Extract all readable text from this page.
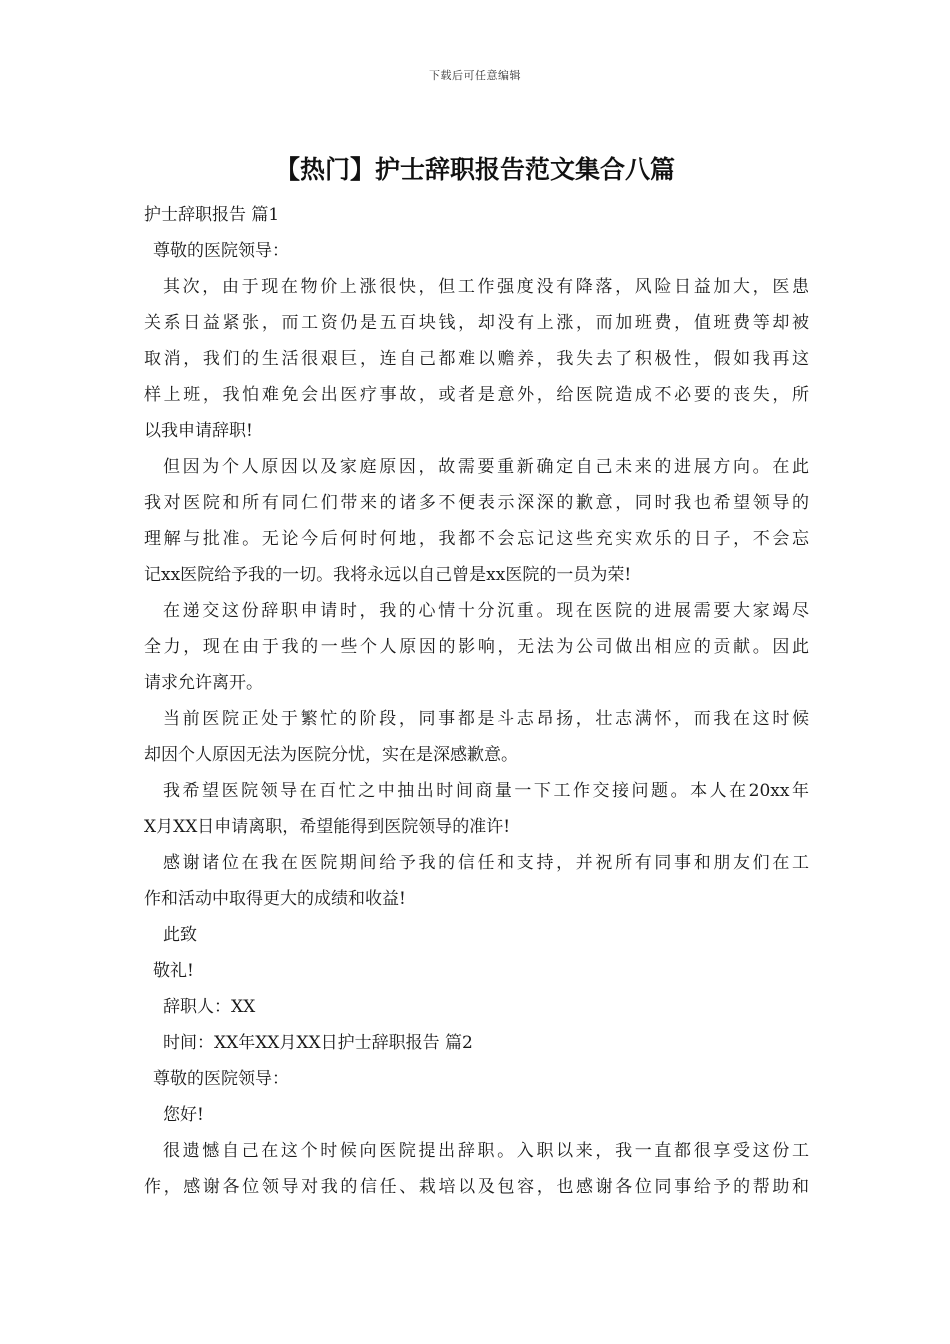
下载后可任意编辑
【热门】护士辞职报告范文集合八篇
护士辞职报告 篇1
尊敬的医院领导：
其次，由于现在物价上涨很快，但工作强度没有降落，风险日益加大，医患
关系日益紧张，而工资仍是五百块钱，却没有上涨，而加班费，值班费等却被
取消，我们的生活很艰巨，连自己都难以赡养，我失去了积极性，假如我再这
样上班，我怕难免会出医疗事故，或者是意外，给医院造成不必要的丧失，所
以我申请辞职!
但因为个人原因以及家庭原因，故需要重新确定自己未来的进展方向。在此
我对医院和所有同仁们带来的诸多不便表示深深的歉意，同时我也希望领导的
理解与批准。无论今后何时何地，我都不会忘记这些充实欢乐的日子，不会忘
记xx医院给予我的一切。我将永远以自己曾是xx医院的一员为荣!
在递交这份辞职申请时，我的心情十分沉重。现在医院的进展需要大家竭尽
全力，现在由于我的一些个人原因的影响，无法为公司做出相应的贡献。因此
请求允许离开。
当前医院正处于繁忙的阶段，同事都是斗志昂扬，壮志满怀，而我在这时候
却因个人原因无法为医院分忧，实在是深感歉意。
我希望医院领导在百忙之中抽出时间商量一下工作交接问题。本人在20xx年
X月XX日申请离职，希望能得到医院领导的准许!
感谢诸位在我在医院期间给予我的信任和支持，并祝所有同事和朋友们在工
作和活动中取得更大的成绩和收益!
此致
敬礼!
辞职人：XX
时间：XX年XX月XX日护士辞职报告 篇2
尊敬的医院领导：
您好!
很遗憾自己在这个时候向医院提出辞职。入职以来，我一直都很享受这份工
作，感谢各位领导对我的信任、栽培以及包容，也感谢各位同事给予的帮助和
